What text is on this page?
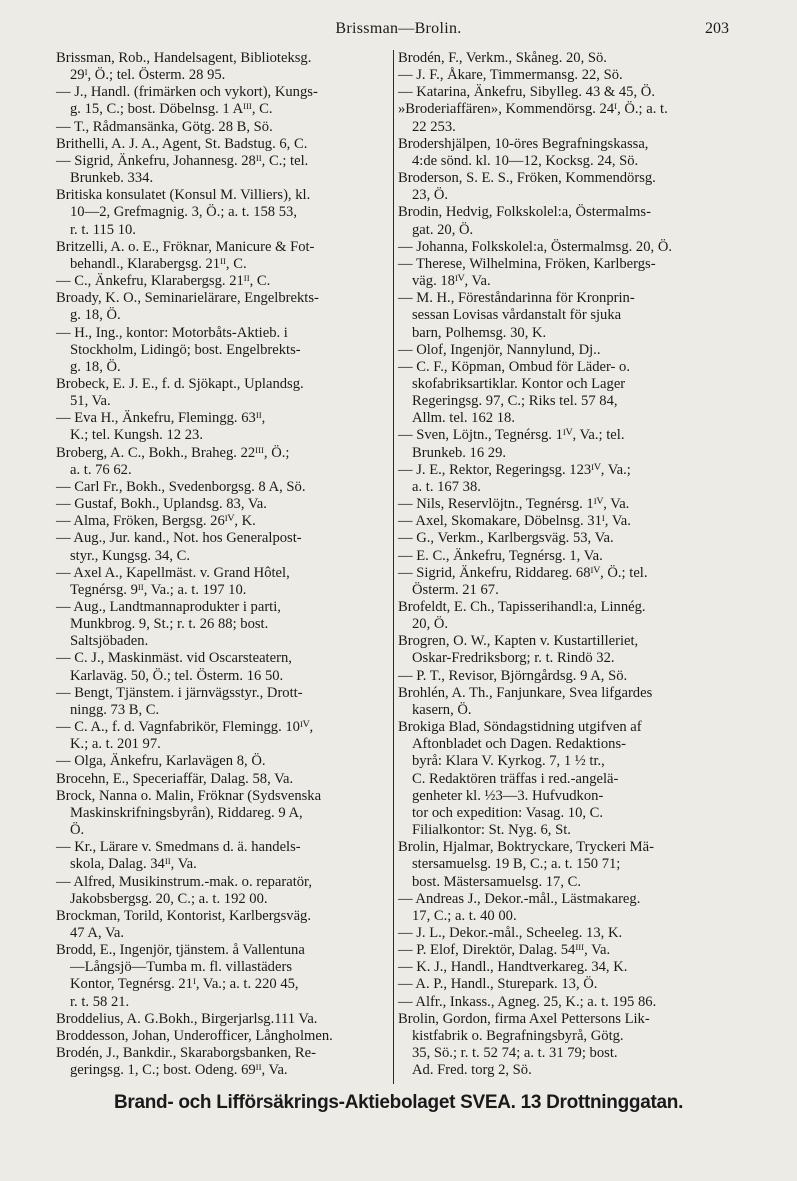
Brissman—Brolin.	203
Brissman, Rob., Handelsagent, Biblioteksg.
29ᴵ, Ö.; tel. Österm. 28 95.
— J., Handl. (frimärken och vykort), Kungs-
g. 15, C.; bost. Döbelnsg. 1 Aᴵᴵᴵ, C.
— T., Rådmansänka, Götg. 28 B, Sö.
Brithelli, A. J. A., Agent, St. Badstug. 6, C.
— Sigrid, Änkefru, Johannesg. 28ᴵᴵ, C.; tel.
Brunkeb. 334.
Britiska konsulatet (Konsul M. Villiers), kl.
10—2, Grefmagnig. 3, Ö.; a. t. 158 53,
r. t. 115 10.
Britzelli, A. o. E., Fröknar, Manicure & Fot-
behandl., Klarabergsg. 21ᴵᴵ, C.
— C., Änkefru, Klarabergsg. 21ᴵᴵ, C.
Broady, K. O., Seminarielärare, Engelbrekts-
g. 18, Ö.
— H., Ing., kontor: Motorbåts-Aktieb. i
Stockholm, Lidingö; bost. Engelbrekts-
g. 18, Ö.
Brobeck, E. J. E., f. d. Sjökapt., Uplandsg.
51, Va.
— Eva H., Änkefru, Flemingg. 63ᴵᴵ,
K.; tel. Kungsh. 12 23.
Broberg, A. C., Bokh., Braheg. 22ᴵᴵᴵ, Ö.;
a. t. 76 62.
— Carl Fr., Bokh., Svedenborgsg. 8 A, Sö.
— Gustaf, Bokh., Uplandsg. 83, Va.
— Alma, Fröken, Bergsg. 26ᴵⱽ, K.
— Aug., Jur. kand., Not. hos Generalpost-
styr., Kungsg. 34, C.
— Axel A., Kapellmäst. v. Grand Hôtel,
Tegnérsg. 9ᴵᴵ, Va.; a. t. 197 10.
— Aug., Landtmannaprodukter i parti,
Munkbrog. 9, St.; r. t. 26 88; bost.
Saltsjöbaden.
— C. J., Maskinmäst. vid Oscarsteatern,
Karlaväg. 50, Ö.; tel. Österm. 16 50.
— Bengt, Tjänstem. i järnvägsstyr., Drott-
ningg. 73 B, C.
— C. A., f. d. Vagnfabrikör, Flemingg. 10ᴵⱽ,
K.; a. t. 201 97.
— Olga, Änkefru, Karlavägen 8, Ö.
Brocehn, E., Speceriaffär, Dalag. 58, Va.
Brock, Nanna o. Malin, Fröknar (Sydsvenska
Maskinskrifningsbyrån), Riddareg. 9 A,
Ö.
— Kr., Lärare v. Smedmans d. ä. handels-
skola, Dalag. 34ᴵᴵ, Va.
— Alfred, Musikinstrum.-mak. o. reparatör,
Jakobsbergsg. 20, C.; a. t. 192 00.
Brockman, Torild, Kontorist, Karlbergsväg.
47 A, Va.
Brodd, E., Ingenjör, tjänstem. å Vallentuna
—Långsjö—Tumba m. fl. villastäders
Kontor, Tegnérsg. 21ᴵ, Va.; a. t. 220 45,
r. t. 58 21.
Broddelius, A. G.Bokh., Birgerjarlsg.111 Va.
Broddesson, Johan, Underofficer, Långholmen.
Brodén, J., Bankdir., Skaraborgsbanken, Re-
geringsg. 1, C.; bost. Odeng. 69ᴵᴵ, Va.
Brodén, F., Verkm., Skåneg. 20, Sö.
— J. F., Åkare, Timmermansg. 22, Sö.
— Katarina, Änkefru, Sibylleg. 43 & 45, Ö.
»Broderiaffären», Kommendörsg. 24ᴵ, Ö.; a. t.
22 253.
Brodershjälpen, 10-öres Begrafningskassa,
4:de sönd. kl. 10—12, Kocksg. 24, Sö.
Broderson, S. E. S., Fröken, Kommendörsg.
23, Ö.
Brodin, Hedvig, Folkskolel:a, Östermalms-
gat. 20, Ö.
— Johanna, Folkskolel:a, Östermalmsg. 20, Ö.
— Therese, Wilhelmina, Fröken, Karlbergs-
väg. 18ᴵⱽ, Va.
— M. H., Föreståndarinna för Kronprin-
sessan Lovisas vårdanstalt för sjuka
barn, Polhemsg. 30, K.
— Olof, Ingenjör, Nannylund, Dj..
— C. F., Köpman, Ombud för Läder- o.
skofabriksartiklar. Kontor och Lager
Regeringsg. 97, C.; Riks tel. 57 84,
Allm. tel. 162 18.
— Sven, Löjtn., Tegnérsg. 1ᴵⱽ, Va.; tel.
Brunkeb. 16 29.
— J. E., Rektor, Regeringsg. 123ᴵⱽ, Va.;
a. t. 167 38.
— Nils, Reservlöjtn., Tegnérsg. 1ᴵⱽ, Va.
— Axel, Skomakare, Döbelnsg. 31ᴵ, Va.
— G., Verkm., Karlbergsväg. 53, Va.
— E. C., Änkefru, Tegnérsg. 1, Va.
— Sigrid, Änkefru, Riddareg. 68ᴵⱽ, Ö.; tel.
Österm. 21 67.
Brofeldt, E. Ch., Tapisserihandl:a, Linnég.
20, Ö.
Brogren, O. W., Kapten v. Kustartilleriet,
Oskar-Fredriksborg; r. t. Rindö 32.
— P. T., Revisor, Björngårdsg. 9 A, Sö.
Brohlén, A. Th., Fanjunkare, Svea lifgardes
kasern, Ö.
Brokiga Blad, Söndagstidning utgifven af
Aftonbladet och Dagen. Redaktions-
byrå: Klara V. Kyrkog. 7, 1 ½ tr.,
C. Redaktören träffas i red.-angelä-
genheter kl. ½3—3. Hufvudkon-
tor och expedition: Vasag. 10, C.
Filialkontor: St. Nyg. 6, St.
Brolin, Hjalmar, Boktryckare, Tryckeri Mä-
stersamuelsg. 19 B, C.; a. t. 150 71;
bost. Mästersamuelsg. 17, C.
— Andreas J., Dekor.-mål., Lästmakareg.
17, C.; a. t. 40 00.
— J. L., Dekor.-mål., Scheeleg. 13, K.
— P. Elof, Direktör, Dalag. 54ᴵᴵᴵ, Va.
— K. J., Handl., Handtverkareg. 34, K.
— A. P., Handl., Sturepark. 13, Ö.
— Alfr., Inkass., Agneg. 25, K.; a. t. 195 86.
Brolin, Gordon, firma Axel Pettersons Lik-
kistfabrik o. Begrafningsbyrå, Götg.
35, Sö.; r. t. 52 74; a. t. 31 79; bost.
Ad. Fred. torg 2, Sö.
Brand- och Lifförsäkrings-Aktiebolaget SVEA. 13 Drottninggatan.
